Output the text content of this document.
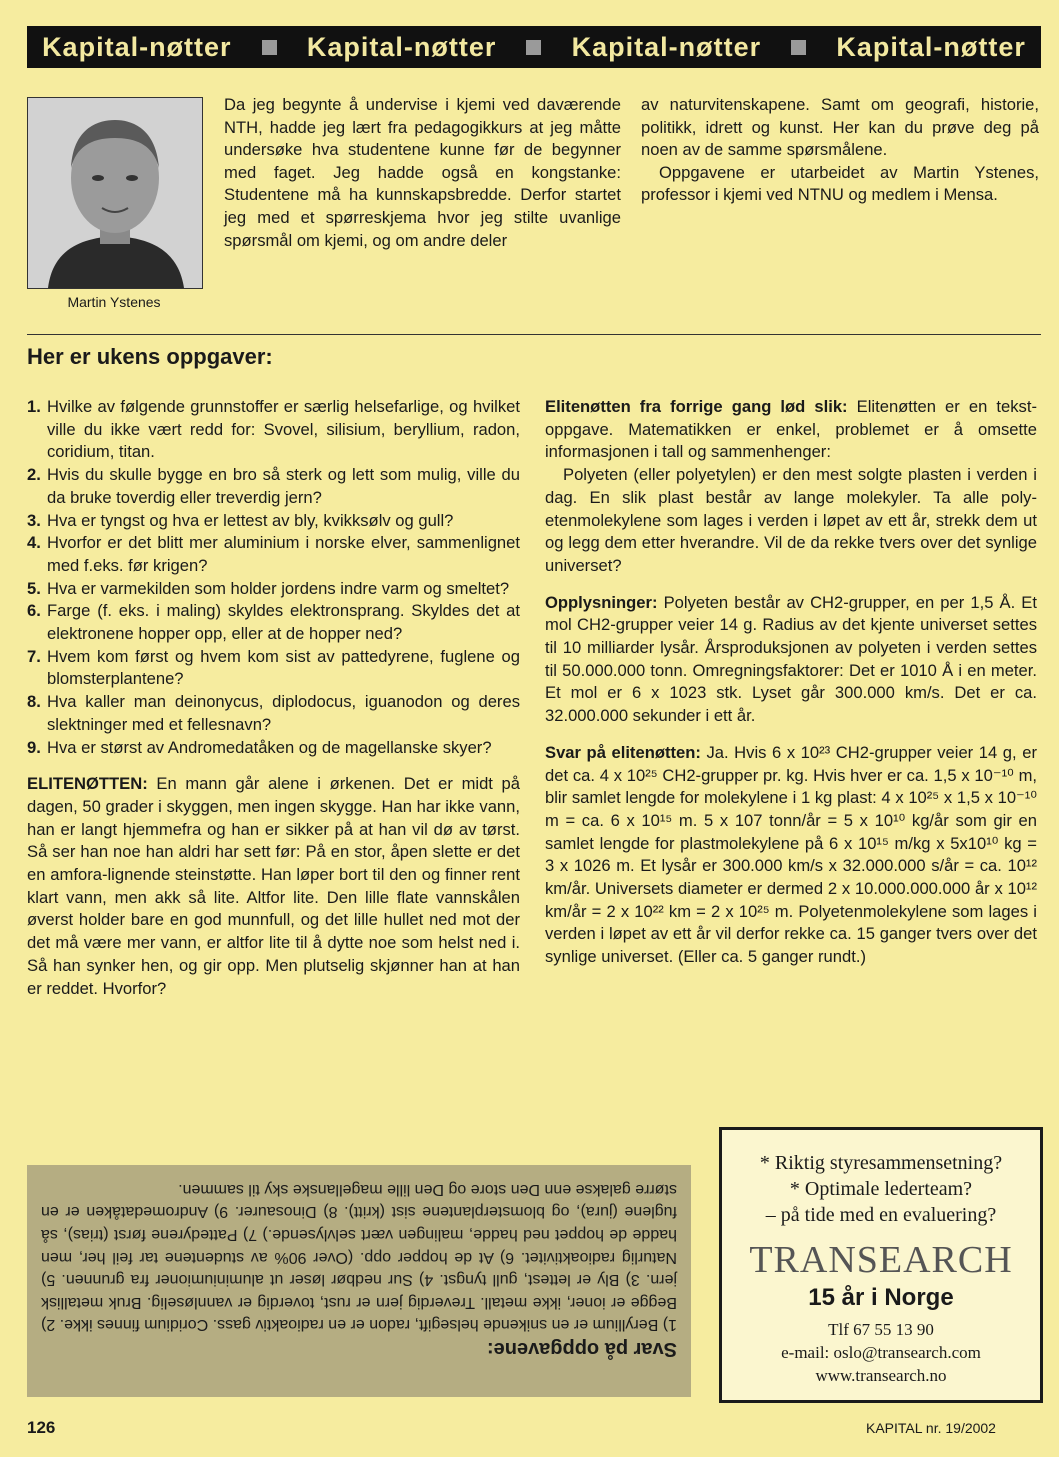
Kapital-nøtter	Kapital-nøtter	Kapital-nøtter	Kapital-nøtter
Martin Ystenes

Da jeg begynte å undervise i kjemi ved daværende NTH, hadde jeg lært fra pedagogikkurs at jeg måtte undersøke hva studentene kunne før de begynner med faget. Jeg hadde også en kongstanke: Studentene må ha kunnskapsbredde. Derfor startet jeg med et spørreskjema hvor jeg stilte uvanlige spørsmål om kjemi, og om andre deler

av naturvitenskapene. Samt om geografi, historie, politikk, idrett og kunst. Her kan du prøve deg på noen av de samme spørsmålene.

Oppgavene er utarbeidet av Martin Ystenes, professor i kjemi ved NTNU og medlem i Mensa.

Her er ukens oppgaver:
1. Hvilke av følgende grunnstoffer er særlig helsefarlige, og hvilket ville du ikke vært redd for: Svovel, silisium, beryllium, radon, coridium, titan.
2. Hvis du skulle bygge en bro så sterk og lett som mulig, ville du da bruke toverdig eller treverdig jern?
3. Hva er tyngst og hva er lettest av bly, kvikksølv og gull?
4. Hvorfor er det blitt mer aluminium i norske elver, sammenlignet med f.eks. før krigen?
5. Hva er varmekilden som holder jordens indre varm og smeltet?
6. Farge (f. eks. i maling) skyldes elektronsprang. Skyldes det at elektronene hopper opp, eller at de hopper ned?
7. Hvem kom først og hvem kom sist av pattedyrene, fuglene og blomsterplantene?
8. Hva kaller man deinonycus, diplodocus, iguanodon og deres slektninger med et fellesnavn?
9. Hva er størst av Andromedatåken og de magellanske skyer?

ELITENØTTEN: En mann går alene i ørkenen. Det er midt på dagen, 50 grader i skyggen, men ingen skygge. Han har ikke vann, han er langt hjemmefra og han er sikker på at han vil dø av tørst. Så ser han noe han aldri har sett før: På en stor, åpen slette er det en amfora-lignende steinstøtte. Han løper bort til den og finner rent klart vann, men akk så lite. Altfor lite. Den lille flate vannskålen øverst holder bare en god munnfull, og det lille hullet ned mot der det må være mer vann, er altfor lite til å dytte noe som helst ned i. Så han synker hen, og gir opp. Men plutselig skjønner han at han er reddet. Hvorfor?

Elitenøtten fra forrige gang lød slik: Elitenøtten er en tekstoppgave. Matematikken er enkel, problemet er å omsette informasjonen i tall og sammenhenger:

Polyeten (eller polyetylen) er den mest solgte plasten i verden i dag. En slik plast består av lange molekyler. Ta alle polyetenmolekylene som lages i verden i løpet av ett år, strekk dem ut og legg dem etter hverandre. Vil de da rekke tvers over det synlige universet?

Opplysninger: Polyeten består av CH2-grupper, en per 1,5 Å. Et mol CH2-grupper veier 14 g. Radius av det kjente universet settes til 10 milliarder lysår. Årsproduksjonen av polyeten i verden settes til 50.000.000 tonn. Omregningsfaktorer: Det er 1010 Å i en meter. Et mol er 6 x 1023 stk. Lyset går 300.000 km/s. Det er ca. 32.000.000 sekunder i ett år.

Svar på elitenøtten: Ja. Hvis 6 x 10²³ CH2-grupper veier 14 g, er det ca. 4 x 10²⁵ CH2-grupper pr. kg. Hvis hver er ca. 1,5 x 10⁻¹⁰ m, blir samlet lengde for molekylene i 1 kg plast: 4 x 10²⁵ x 1,5 x 10⁻¹⁰ m = ca. 6 x 10¹⁵ m. 5 x 107 tonn/år = 5 x 10¹⁰ kg/år som gir en samlet lengde for plastmolekylene på 6 x 10¹⁵ m/kg x 5x10¹⁰ kg = 3 x 1026 m. Et lysår er 300.000 km/s x 32.000.000 s/år = ca. 10¹² km/år. Universets diameter er dermed 2 x 10.000.000.000 år x 10¹² km/år = 2 x 10²² km = 2 x 10²⁵ m. Polyetenmolekylene som lages i verden i løpet av ett år vil derfor rekke ca. 15 ganger tvers over det synlige universet. (Eller ca. 5 ganger rundt.)

Svar på oppgavene:
1) Beryllium er en snikende helsegift, radon er en radioaktiv gass. Coridium finnes ikke. 2) Begge er ioner, ikke metall. Treverdig jern er rust, toverdig er vannløselig. Bruk metallisk jern. 3) Bly er lettest, gull tyngst. 4) Sur nedbør løser ut aluminiumioner fra grunnen. 5) Naturlig radioaktivitet. 6) At de hopper opp. (Over 90% av studentene tar feil her, men hadde de hoppet ned hadde, malingen vært selvlysende.) 7) Pattedyrene først (trias), så fuglene (jura), og blomsterplantene sist (kritt). 8) Dinosaurer. 9) Andromedatåken er en større galakse enn Den store og Den lille magellanske sky til sammen.
* Riktig styresammensetning?
* Optimale lederteam?
– på tide med en evaluering?
TRANSEARCH
15 år i Norge
Tlf 67 55 13 90
e-mail: oslo@transearch.com
www.transearch.no
126	KAPITAL nr. 19/2002
